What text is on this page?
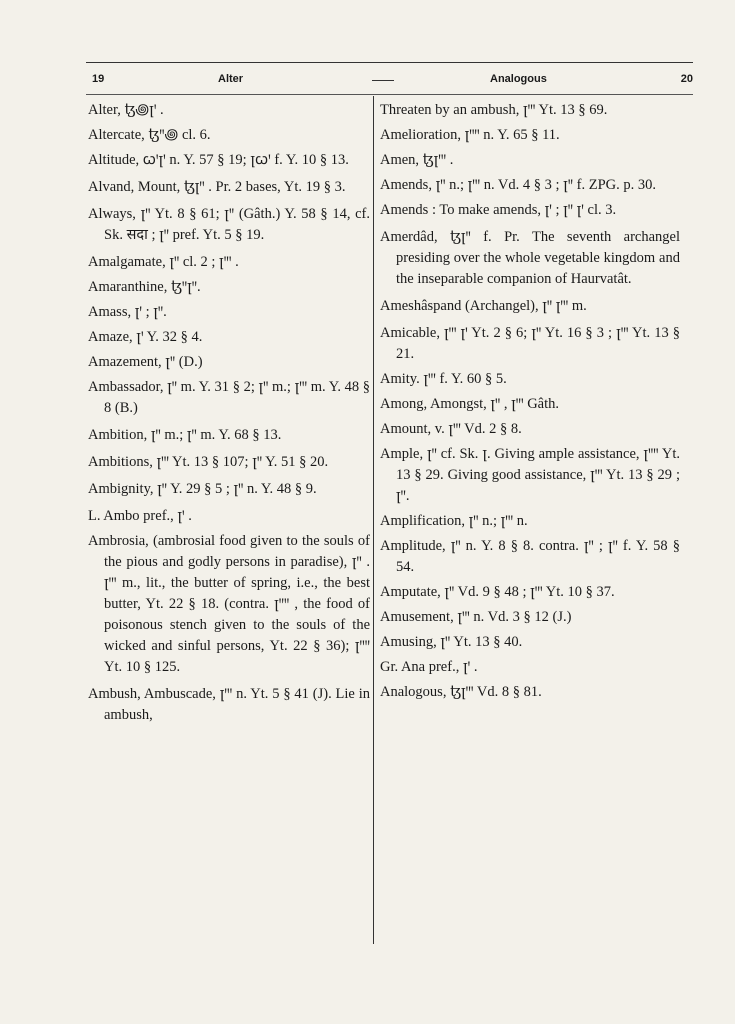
19	Alter	Analogous	20
Alter, ꜩ꩜ꞁꞌ .
Altercate, ꜩꞌꞌ꩜ cl. 6.
Altitude, ꞷꞌꞁꞌ n. Y. 57 § 19; ꞁꞷꞌ f. Y. 10 § 13.
Alvand, Mount, ꜩꞁꞌꞌ . Pr. 2 bases, Yt. 19 § 3.
Always, ꞁꞌꞌ Yt. 8 § 61; ꞁꞌꞌ (Gâth.) Y. 58 § 14, cf. Sk. सदा ; ꞁꞌꞌ pref. Yt. 5 § 19.
Amalgamate, ꞁꞌꞌ cl. 2 ; ꞁꞌꞌꞌ .
Amaranthine, ꜩꞌꞌꞁꞌꞌ.
Amass, ꞁꞌ ; ꞁꞌꞌ.
Amaze, ꞁꞌ Y. 32 § 4.
Amazement, ꞁꞌꞌ (D.)
Ambassador, ꞁꞌꞌ m. Y. 31 § 2; ꞁꞌꞌ m.; ꞁꞌꞌꞌ m. Y. 48 § 8 (B.)
Ambition, ꞁꞌꞌ m.; ꞁꞌꞌ m. Y. 68 § 13.
Ambitions, ꞁꞌꞌꞌ Yt. 13 § 107; ꞁꞌꞌ Y. 51 § 20.
Ambignity, ꞁꞌꞌ Y. 29 § 5 ; ꞁꞌꞌ n. Y. 48 § 9.
L. Ambo pref., ꞁꞌ .
Ambrosia, (ambrosial food given to the souls of the pious and godly persons in paradise), ꞁꞌꞌ . ꞁꞌꞌꞌ m., lit., the butter of spring, i.e., the best butter, Yt. 22 § 18. (contra. ꞁꞌꞌꞌꞌ , the food of poisonous stench given to the souls of the wicked and sinful persons, Yt. 22 § 36); ꞁꞌꞌꞌꞌ Yt. 10 § 125.
Ambush, Ambuscade, ꞁꞌꞌꞌ n. Yt. 5 § 41 (J). Lie in ambush,
Threaten by an ambush, ꞁꞌꞌꞌ Yt. 13 § 69.
Amelioration, ꞁꞌꞌꞌꞌ n. Y. 65 § 11.
Amen, ꜩꞁꞌꞌꞌ .
Amends, ꞁꞌꞌ n.; ꞁꞌꞌꞌ n. Vd. 4 § 3 ; ꞁꞌꞌ f. ZPG. p. 30.
Amends : To make amends, ꞁꞌ ; ꞁꞌꞌ ꞁꞌ cl. 3.
Amerdâd, ꜩꞁꞌꞌ f. Pr. The seventh archangel presiding over the whole vegetable kingdom and the inseparable companion of Haurvatât.
Ameshâspand (Archangel), ꞁꞌꞌ ꞁꞌꞌꞌ m.
Amicable, ꞁꞌꞌꞌ ꞁꞌ Yt. 2 § 6; ꞁꞌꞌ Yt. 16 § 3 ; ꞁꞌꞌꞌ Yt. 13 § 21.
Amity. ꞁꞌꞌꞌ f. Y. 60 § 5.
Among, Amongst, ꞁꞌꞌ , ꞁꞌꞌꞌ Gâth.
Amount, v. ꞁꞌꞌꞌ Vd. 2 § 8.
Ample, ꞁꞌꞌ cf. Sk. ꞁ. Giving ample assistance, ꞁꞌꞌꞌꞌ Yt. 13 § 29. Giving good assistance, ꞁꞌꞌꞌ Yt. 13 § 29 ; ꞁꞌꞌ.
Amplification, ꞁꞌꞌ n.; ꞁꞌꞌꞌ n.
Amplitude, ꞁꞌꞌ n. Y. 8 § 8. contra. ꞁꞌꞌ ; ꞁꞌꞌ f. Y. 58 § 54.
Amputate, ꞁꞌꞌ Vd. 9 § 48 ; ꞁꞌꞌꞌ Yt. 10 § 37.
Amusement, ꞁꞌꞌꞌ n. Vd. 3 § 12 (J.)
Amusing, ꞁꞌꞌ Yt. 13 § 40.
Gr. Ana pref., ꞁꞌ .
Analogous, ꜩꞁꞌꞌꞌ Vd. 8 § 81.
